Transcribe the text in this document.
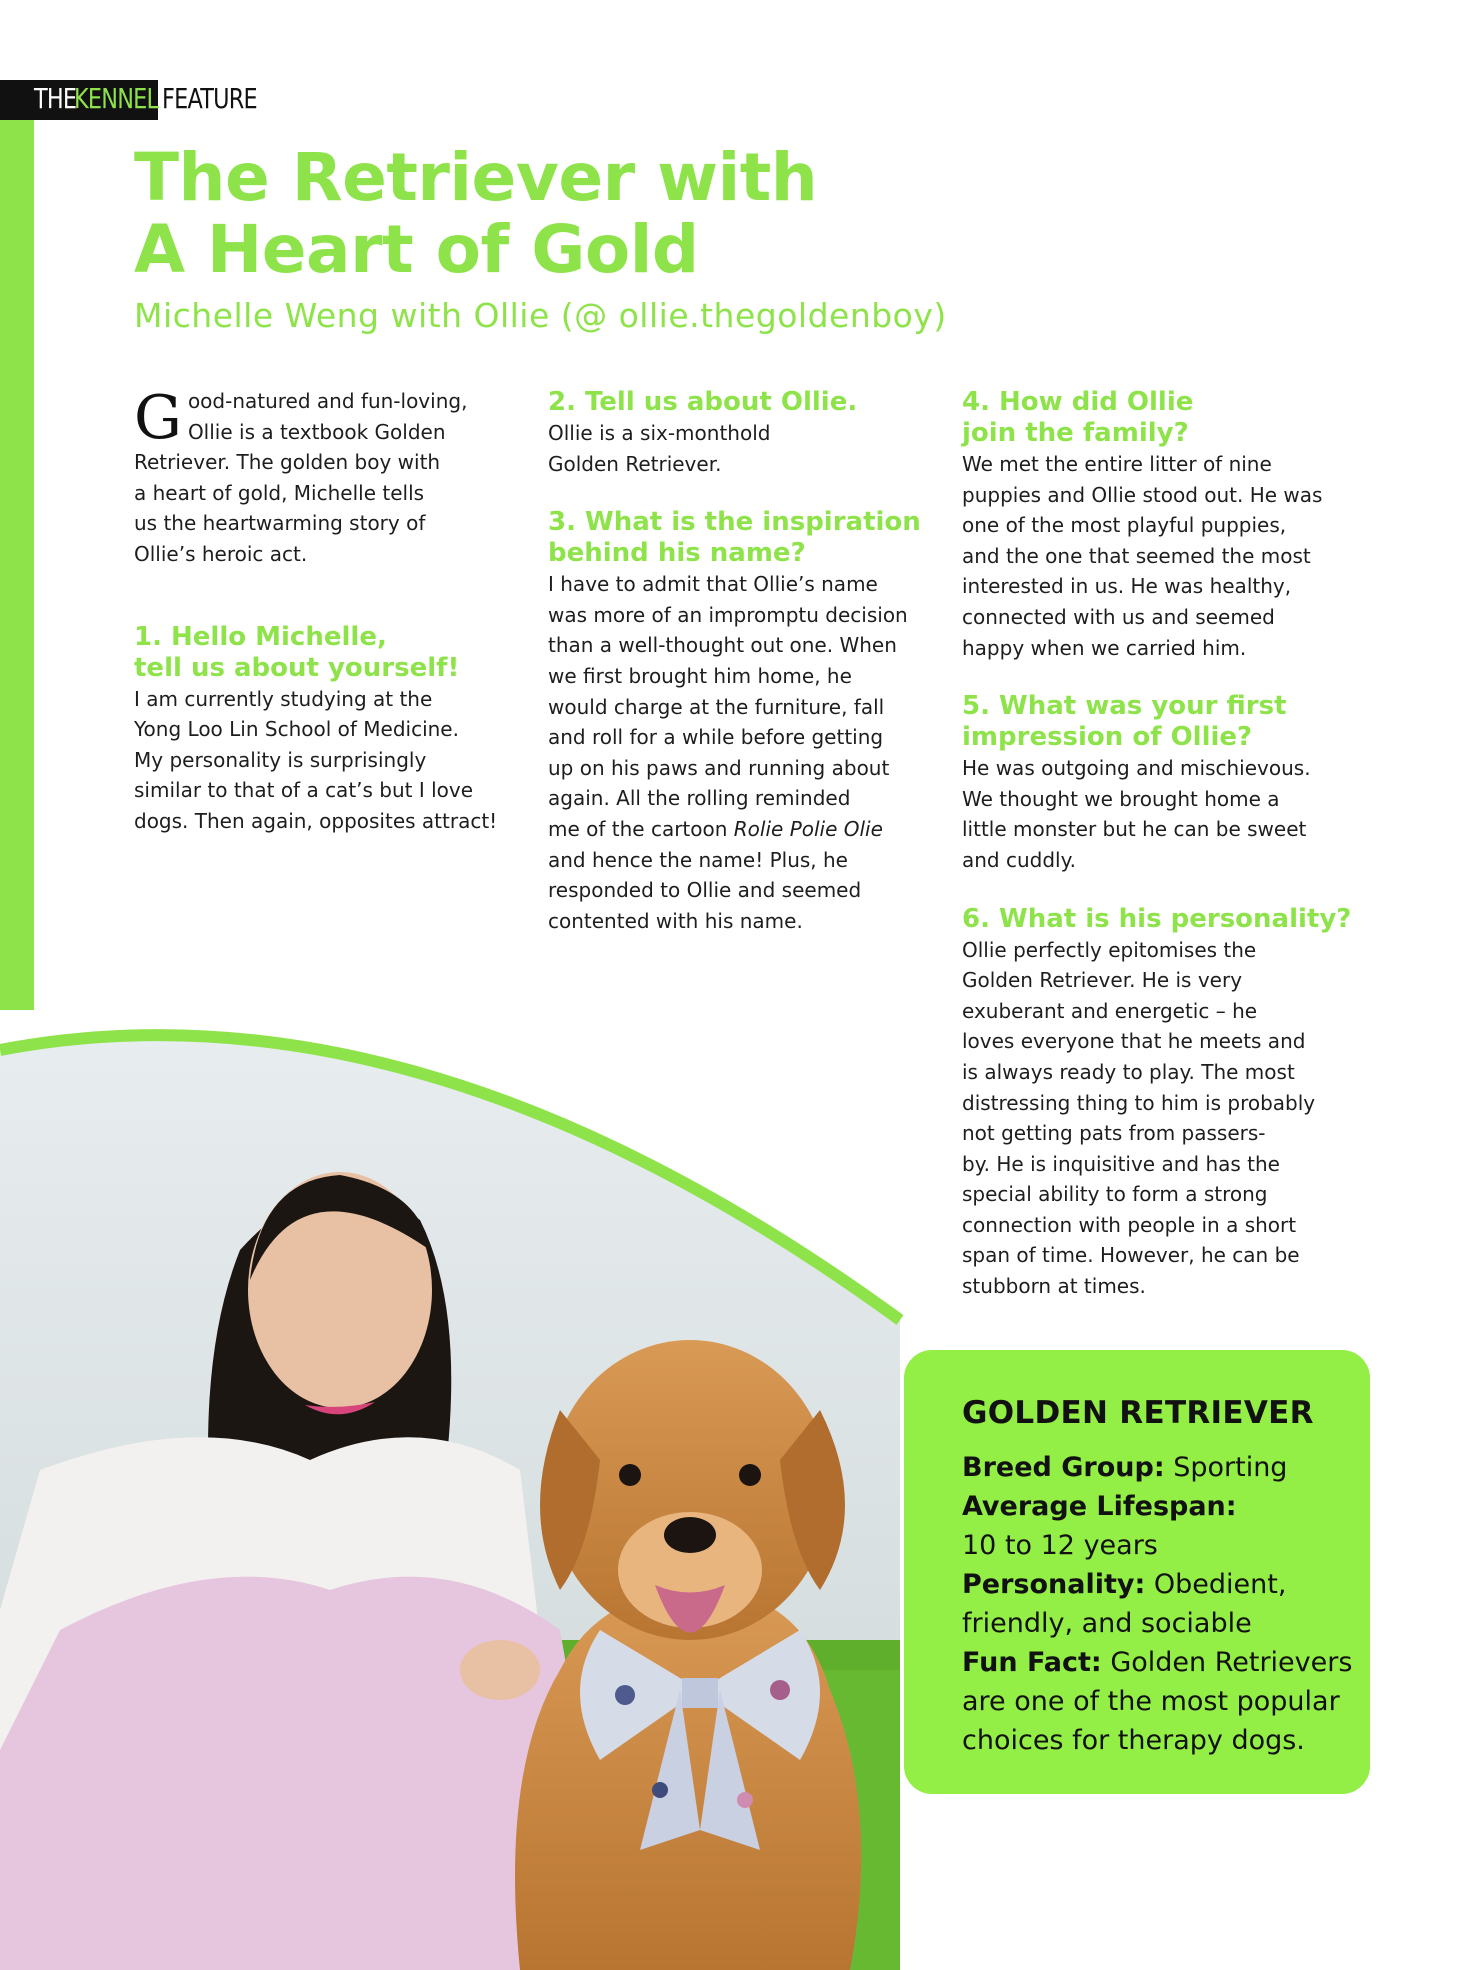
THE
KENNEL FEATURE
The Retriever with
A Heart of Gold
Michelle Weng with Ollie (@ ollie.thegoldenboy)
G ood-natured and fun-loving,
Ollie is a textbook Golden
Retriever. The golden boy with
a heart of gold, Michelle tells
us the heartwarming story of
Ollie’s heroic act.
1. Hello Michelle,
tell us about yourself!
I am currently studying at the
Yong Loo Lin School of Medicine.
My personality is surprisingly
similar to that of a cat’s but I love
dogs. Then again, opposites attract!
2. Tell us about Ollie.
Ollie is a six-monthold
Golden Retriever.
3. What is the inspiration
behind his name?
I have to admit that Ollie’s name
was more of an impromptu decision
than a well-thought out one. When
we first brought him home, he
would charge at the furniture, fall
and roll for a while before getting
up on his paws and running about
again. All the rolling reminded
me of the cartoon Rolie Polie Olie
and hence the name! Plus, he
responded to Ollie and seemed
contented with his name.
4. How did Ollie
join the family?
We met the entire litter of nine
puppies and Ollie stood out. He was
one of the most playful puppies,
and the one that seemed the most
interested in us. He was healthy,
connected with us and seemed
happy when we carried him.
5. What was your first
impression of Ollie?
He was outgoing and mischievous.
We thought we brought home a
little monster but he can be sweet
and cuddly.
6. What is his personality?
Ollie perfectly epitomises the
Golden Retriever. He is very
exuberant and energetic – he
loves everyone that he meets and
is always ready to play. The most
distressing thing to him is probably
not getting pats from passers-
by. He is inquisitive and has the
special ability to form a strong
connection with people in a short
span of time. However, he can be
stubborn at times.
GOLDEN RETRIEVER
Breed Group: Sporting
Average Lifespan:
10 to 12 years
Personality: Obedient, friendly, and sociable
Fun Fact: Golden Retrievers are one of the most popular choices for therapy dogs.
